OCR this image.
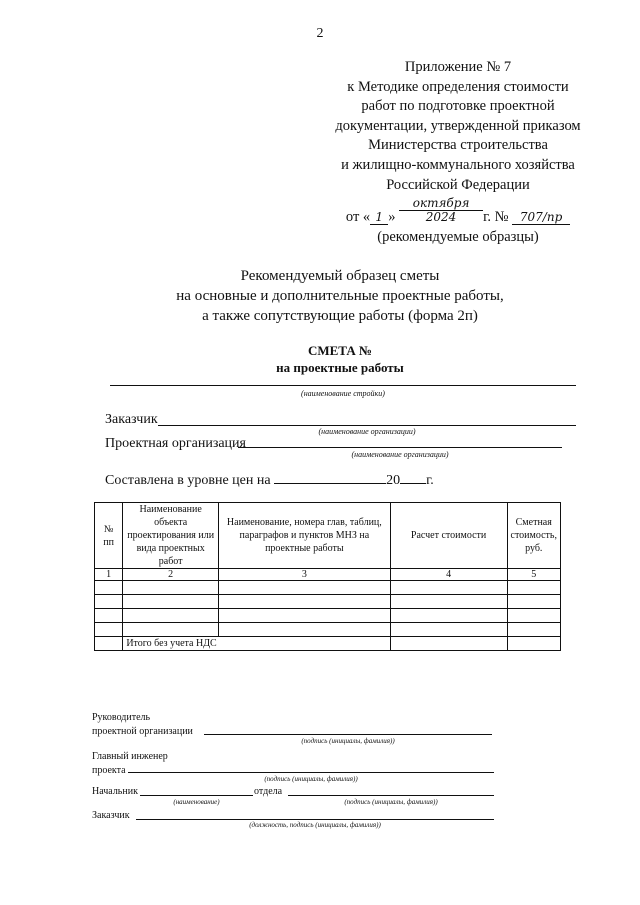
2
Приложение № 7
к Методике определения стоимости
работ по подготовке проектной
документации, утвержденной приказом
Министерства строительства
и жилищно-коммунального хозяйства
Российской Федерации
от « 1 » октября 2024 г. № 707/пр
(рекомендуемые образцы)
Рекомендуемый образец сметы
на основные и дополнительные проектные работы,
а также сопутствующие работы (форма 2п)
СМЕТА №
на проектные работы
(наименование стройки)
Заказчик
(наименование организации)
Проектная организация
(наименование организации)
Составлена в уровне цен на	20 г.
№ пп	Наименование объекта проектирования или вида проектных работ	Наименование, номера глав, таблиц, параграфов и пунктов МНЗ на проектные работы	Расчет стоимости	Сметная стоимость, руб.
1	2	3	4	5

	Итого без учета НДС			
Руководитель
проектной организации
(подпись (инициалы, фамилия))
Главный инженер
проекта
(подпись (инициалы, фамилия))
Начальник	отдела
(наименование)	(подпись (инициалы, фамилия))
Заказчик
(должность, подпись (инициалы, фамилия))
